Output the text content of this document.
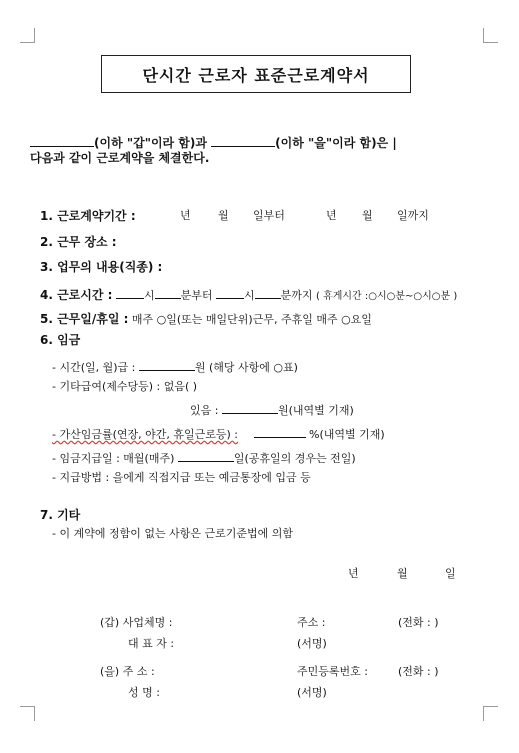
단시간 근로자 표준근로계약서
(이하 "갑"이라 함)과	(이하 "을"이라 함)은 |
다음과 같이 근로계약을 체결한다.
1. 근로계약기간 :	년 월 일부터	년 월 일까지
2. 근무 장소 :
3. 업무의 내용(직종) :
4. 근로시간 :	시 분부터	시 분까지 ( 휴게시간 :○시○분~○시○분 )
5. 근무일/휴일 : 매주 ○일(또는 매일단위)근무, 주휴일 매주 ○요일
6. 임금
- 시간(일, 월)급 :	원 (해당 사항에 ○표)
- 기타급여(제수당등) : 없음( )
있음 :	원(내역별 기재)
- 가산임금률(연장, 야간, 휴일근로등) :	%(내역별 기재)
- 임금지급일 : 매월(매주)	일(공휴일의 경우는 전일)
- 지급방법 : 을에게 직접지급 또는 예금통장에 입금 등
7. 기타
- 이 계약에 정함이 없는 사항은 근로기준법에 의함
년	월	일
(갑) 사업체명 :	주소 :	(전화 : )
대 표 자 :	(서명)
(을) 주 소 :	주민등록번호 :	(전화 : )
성 명 :	(서명)
